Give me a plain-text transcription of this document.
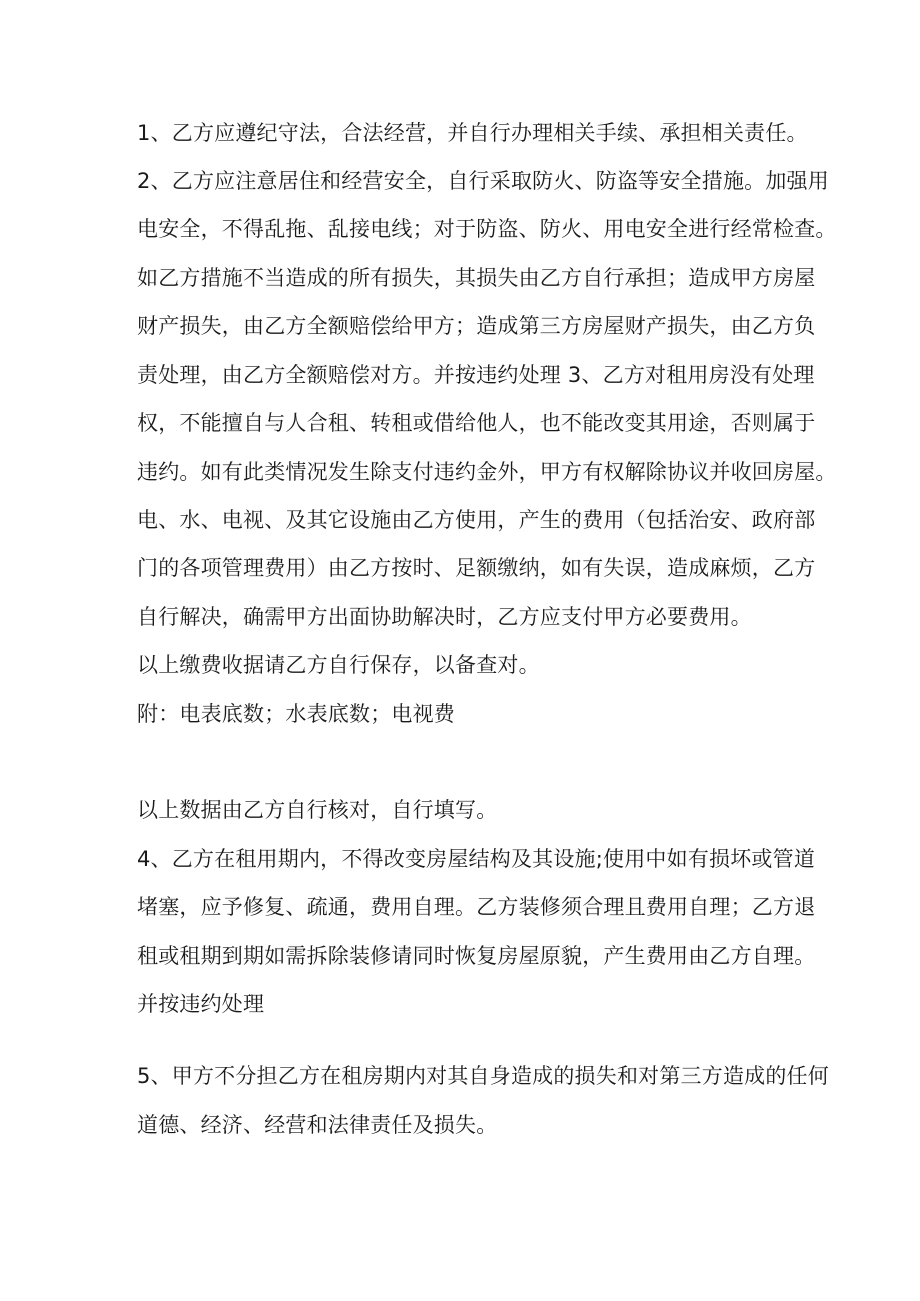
1、乙方应遵纪守法，合法经营，并自行办理相关手续、承担相关责任。
2、乙方应注意居住和经营安全，自行采取防火、防盗等安全措施。加强用
电安全，不得乱拖、乱接电线；对于防盗、防火、用电安全进行经常检查。
如乙方措施不当造成的所有损失，其损失由乙方自行承担；造成甲方房屋
财产损失，由乙方全额赔偿给甲方；造成第三方房屋财产损失，由乙方负
责处理，由乙方全额赔偿对方。并按违约处理 3、乙方对租用房没有处理
权，不能擅自与人合租、转租或借给他人，也不能改变其用途，否则属于
违约。如有此类情况发生除支付违约金外，甲方有权解除协议并收回房屋。
电、水、电视、及其它设施由乙方使用，产生的费用（包括治安、政府部
门的各项管理费用）由乙方按时、足额缴纳，如有失误，造成麻烦，乙方
自行解决，确需甲方出面协助解决时，乙方应支付甲方必要费用。
以上缴费收据请乙方自行保存，以备查对。
附：电表底数；水表底数；电视费
以上数据由乙方自行核对，自行填写。
4、乙方在租用期内，不得改变房屋结构及其设施;使用中如有损坏或管道
堵塞，应予修复、疏通，费用自理。乙方装修须合理且费用自理；乙方退
租或租期到期如需拆除装修请同时恢复房屋原貌，产生费用由乙方自理。
并按违约处理
5、甲方不分担乙方在租房期内对其自身造成的损失和对第三方造成的任何
道德、经济、经营和法律责任及损失。
